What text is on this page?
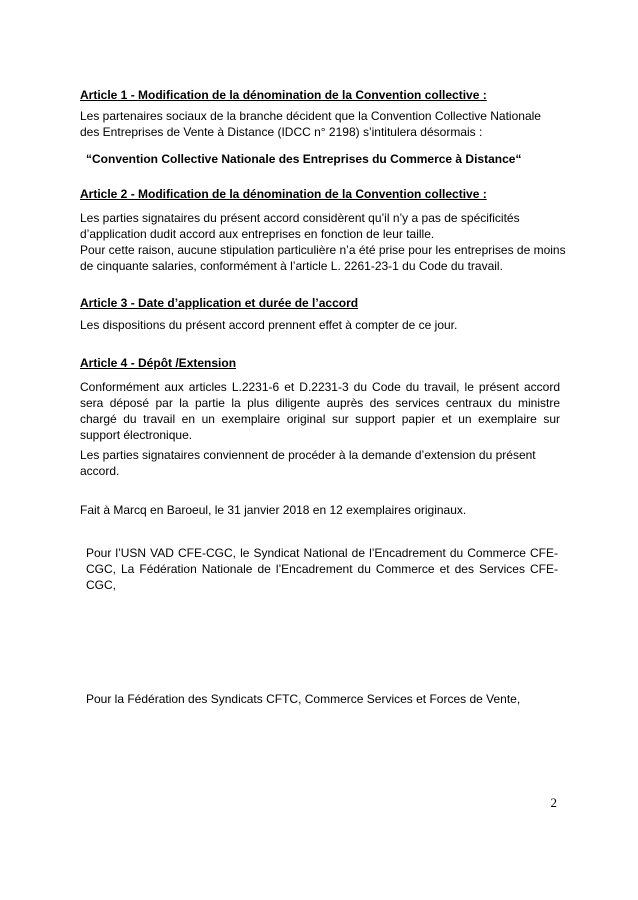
Article 1 - Modification de la dénomination de la Convention collective :
Les partenaires sociaux de la branche décident que la Convention Collective Nationale
des Entreprises de Vente à Distance (IDCC n° 2198) s’intitulera désormais :
“Convention Collective Nationale des Entreprises du Commerce à Distance“
Article 2 - Modification de la dénomination de la Convention collective :
Les parties signataires du présent accord considèrent qu’il n’y a pas de spécificités
d’application dudit accord aux entreprises en fonction de leur taille.
Pour cette raison, aucune stipulation particulière n’a été prise pour les entreprises de moins
de cinquante salaries, conformément à l’article L. 2261-23-1 du Code du travail.
Article 3 - Date d’application et durée de l’accord
Les dispositions du présent accord prennent effet à compter de ce jour.
Article 4 - Dépôt /Extension
Conformément aux articles L.2231-6 et D.2231-3 du Code du travail, le présent accord
sera déposé par la partie la plus diligente auprès des services centraux du ministre
chargé du travail en un exemplaire original sur support papier et un exemplaire sur
support électronique.
Les parties signataires conviennent de procéder à la demande d’extension du présent
accord.
Fait à Marcq en Baroeul, le 31 janvier 2018 en 12 exemplaires originaux.
Pour l’USN VAD CFE-CGC, le Syndicat National de l’Encadrement du Commerce CFE-
CGC, La Fédération Nationale de l’Encadrement du Commerce et des Services CFE-
CGC,
Pour la Fédération des Syndicats CFTC, Commerce Services et Forces de Vente,
2
